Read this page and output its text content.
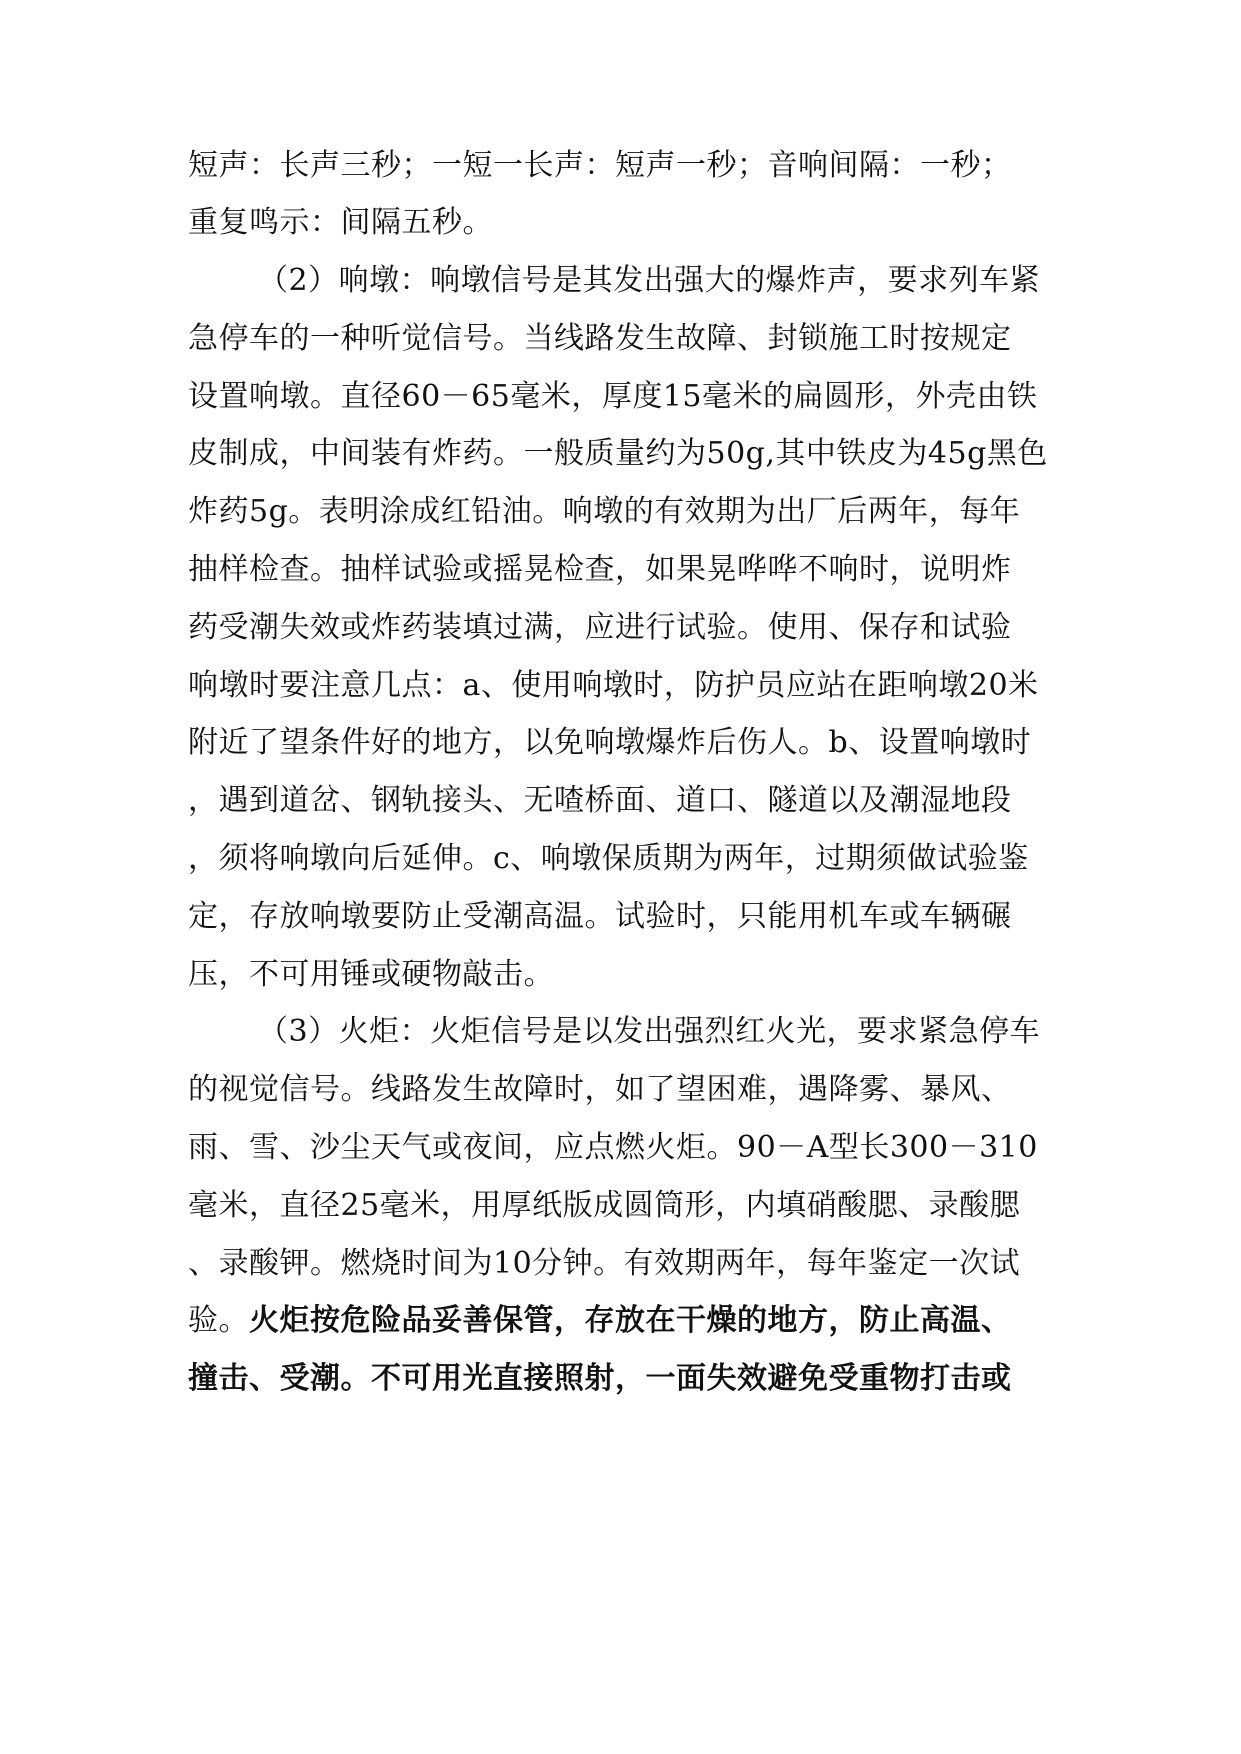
短声：长声三秒；一短一长声：短声一秒；音响间隔：一秒；
重复鸣示：间隔五秒。
（2）响墩：响墩信号是其发出强大的爆炸声，要求列车紧
急停车的一种听觉信号。当线路发生故障、封锁施工时按规定
设置响墩。直径60－65毫米，厚度15毫米的扁圆形，外壳由铁
皮制成，中间装有炸药。一般质量约为50g,其中铁皮为45g黑色
炸药5g。表明涂成红铅油。响墩的有效期为出厂后两年，每年
抽样检查。抽样试验或摇晃检查，如果晃哗哗不响时，说明炸
药受潮失效或炸药装填过满，应进行试验。使用、保存和试验
响墩时要注意几点：a、使用响墩时，防护员应站在距响墩20米
附近了望条件好的地方，以免响墩爆炸后伤人。b、设置响墩时
，遇到道岔、钢轨接头、无喳桥面、道口、隧道以及潮湿地段
，须将响墩向后延伸。c、响墩保质期为两年，过期须做试验鉴
定，存放响墩要防止受潮高温。试验时，只能用机车或车辆碾
压，不可用锤或硬物敲击。
（3）火炬：火炬信号是以发出强烈红火光，要求紧急停车
的视觉信号。线路发生故障时，如了望困难，遇降雾、暴风、
雨、雪、沙尘天气或夜间，应点燃火炬。90－A型长300－310
毫米，直径25毫米，用厚纸版成圆筒形，内填硝酸腮、录酸腮
、录酸钾。燃烧时间为10分钟。有效期两年，每年鉴定一次试
验。火炬按危险品妥善保管，存放在干燥的地方，防止高温、
撞击、受潮。不可用光直接照射，一面失效避免受重物打击或
